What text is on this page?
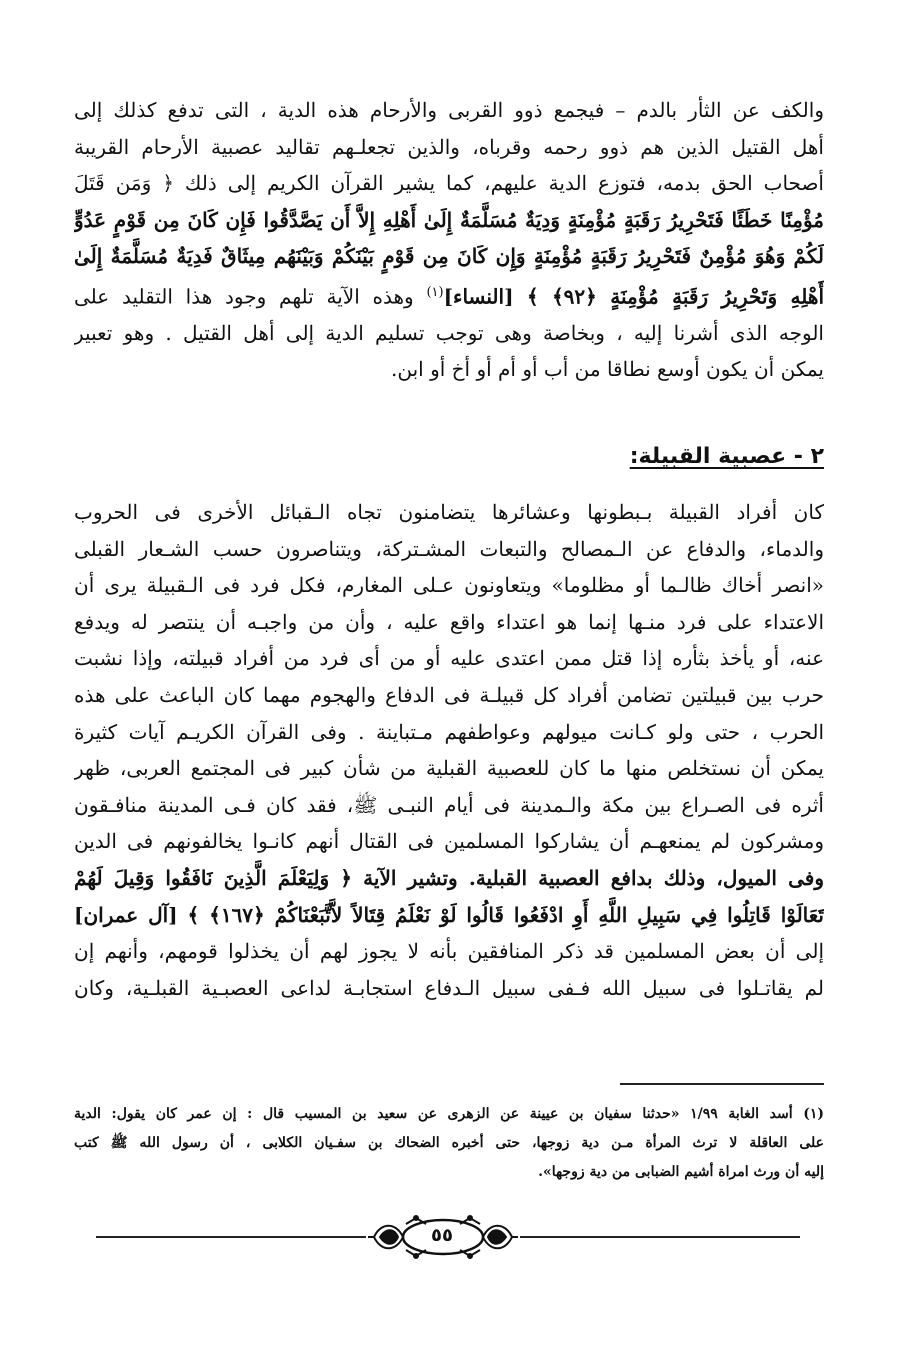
والكف عن الثأر بالدم – فيجمع ذوو القربى والأرحام هذه الدية ، التى تدفع كذلك إلى
أهل القتيل الذين هم ذوو رحمه وقرباه، والذين تجعلـهم تقاليد عصبية الأرحام القريبة
أصحاب الحق بدمه، فتوزع الدية عليهم، كما يشير القرآن الكريم إلى ذلك ﴿ وَمَن قَتَلَ
مُؤْمِنًا خَطَئًا فَتَحْرِيرُ رَقَبَةٍ مُؤْمِنَةٍ وَدِيَةٌ مُسَلَّمَةٌ إِلَىٰ أَهْلِهِ إِلاَّ أَن يَصَّدَّقُوا فَإِن كَانَ مِن قَوْمٍ عَدُوٍّ
لَكُمْ وَهُوَ مُؤْمِنٌ فَتَحْرِيرُ رَقَبَةٍ مُؤْمِنَةٍ وَإِن كَانَ مِن قَوْمٍ بَيْنَكُمْ وَبَيْنَهُم مِيثَاقٌ فَدِيَةٌ مُسَلَّمَةٌ إِلَىٰ
أَهْلِهِ وَتَحْرِيرُ رَقَبَةٍ مُؤْمِنَةٍ ﴿٩٢﴾ ﴾ [النساء]$^{(١)}$ وهذه الآية تلهم وجود هذا التقليد على
الوجه الذى أشرنا إليه ، وبخاصة وهى توجب تسليم الدية إلى أهل القتيل . وهو تعبير
يمكن أن يكون أوسع نطاقا من أب أو أم أو أخ أو ابن.
٢ - عصبية القبيلة:
كان أفراد القبيلة بـبطونها وعشائرها يتضامنون تجاه الـقبائل الأخرى فى الحروب
والدماء، والدفاع عن الـمصالح والتبعات المشـتركة، ويتناصرون حسب الشـعار القبلى
«انصر أخاك ظالـما أو مظلوما» ويتعاونون عـلى المغارم، فكل فرد فى الـقبيلة يرى أن
الاعتداء على فرد منـها إنما هو اعتداء واقع عليه ، وأن من واجبـه أن ينتصر له ويدفع
عنه، أو يأخذ بثأره إذا قتل ممن اعتدى عليه أو من أى فرد من أفراد قبيلته، وإذا نشبت
حرب بين قبيلتين تضامن أفراد كل قبيلـة فى الدفاع والهجوم مهما كان الباعث على هذه
الحرب ، حتى ولو كـانت ميولهم وعواطفهم مـتباينة . وفى القرآن الكريـم آيات كثيرة
يمكن أن نستخلص منها ما كان للعصبية القبلية من شأن كبير فى المجتمع العربى، ظهر
أثره فى الصـراع بين مكة والـمدينة فى أيام النبـى ﷺ، فقد كان فـى المدينة منافـقون
ومشركون لم يمنعهـم أن يشاركوا المسلمين فى القتال أنهم كانـوا يخالفونهم فى الدين
وفى الميول، وذلك بدافع العصبية القبلية. وتشير الآية ﴿ وَلِيَعْلَمَ الَّذِينَ نَافَقُوا وَقِيلَ لَهُمْ
تَعَالَوْا قَاتِلُوا فِي سَبِيلِ اللَّهِ أَوِ ادْفَعُوا قَالُوا لَوْ نَعْلَمُ قِتَالاً لاَّتَّبَعْنَاكُمْ ﴿١٦٧﴾ ﴾ [آل عمران]
إلى أن بعض المسلمين قد ذكر المنافقين بأنه لا يجوز لهم أن يخذلوا قومهم، وأنهم إن
لم يقاتـلوا فى سبيل الله فـفى سبيل الـدفاع استجابـة لداعى العصبـية القبلـية، وكان
(١) أسد الغابة ١/٩٩ «حدثنا سفيان بن عيينة عن الزهرى عن سعيد بن المسيب قال : إن عمر كان يقول: الدية
على العاقلة لا ترث المرأة مـن دية زوجها، حتى أخبره الضحاك بن سفـيان الكلابى ، أن رسول الله ﷺ كتب
إليه أن ورث امراة أشيم الضبابى من دية زوجها».
٥٥
